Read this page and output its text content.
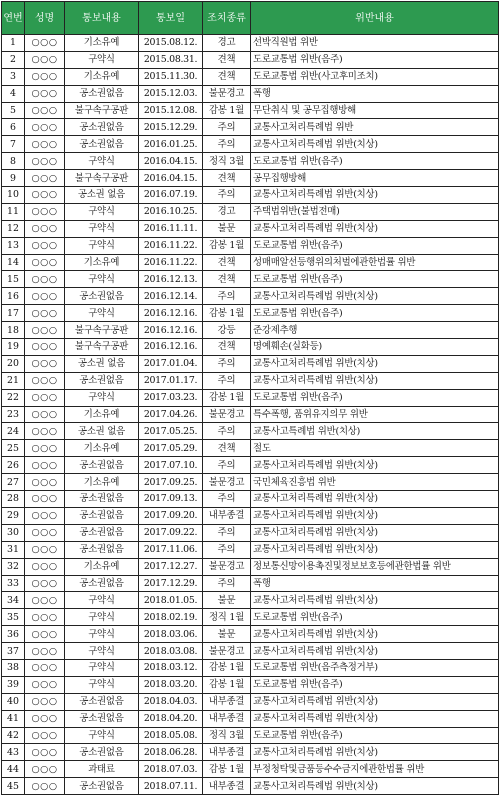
연번	성명	통보내용	통보일	조치종류	위반내용
1	○○○	기소유예	2015.08.12.	경고	선박직원법 위반
2	○○○	구약식	2015.08.31.	견책	도로교통법 위반(음주)
3	○○○	기소유예	2015.11.30.	견책	도로교통법 위반(사고후미조치)
4	○○○	공소권없음	2015.12.03.	불문경고	폭행
5	○○○	불구속구공판	2015.12.08.	감봉 1월	무단취식 및 공무집행방해
6	○○○	공소권없음	2015.12.29.	주의	교통사고처리특례법 위반
7	○○○	공소권없음	2016.01.25.	주의	교통사고처리특례법 위반(치상)
8	○○○	구약식	2016.04.15.	정직 3월	도로교통법 위반(음주)
9	○○○	불구속구공판	2016.04.15.	견책	공무집행방해
10	○○○	공소권 없음	2016.07.19.	주의	교통사고처리특례법 위반(치상)
11	○○○	구약식	2016.10.25.	경고	주택법위반(불법전매)
12	○○○	구약식	2016.11.11.	불문	교통사고처리특례법 위반(치상)
13	○○○	구약식	2016.11.22.	감봉 1월	도로교통법 위반(음주)
14	○○○	기소유예	2016.11.22.	견책	성매매알선등행위의처벌에관한법률 위반
15	○○○	구약식	2016.12.13.	견책	도로교통법 위반(음주)
16	○○○	공소권없음	2016.12.14.	주의	교통사고처리특례법 위반(치상)
17	○○○	구약식	2016.12.16.	감봉 1월	도로교통법 위반(음주)
18	○○○	불구속구공판	2016.12.16.	강등	준강제추행
19	○○○	불구속구공판	2016.12.16.	견책	명예훼손(실화등)
20	○○○	공소권 없음	2017.01.04.	주의	교통사고처리특례법 위반(치상)
21	○○○	공소권없음	2017.01.17.	주의	교통사고처리특례법 위반(치상)
22	○○○	구약식	2017.03.23.	감봉 1월	도로교통법 위반(음주)
23	○○○	기소유예	2017.04.26.	불문경고	특수폭행, 품위유지의무 위반
24	○○○	공소권 없음	2017.05.25.	주의	교통사고특례법 위반(치상)
25	○○○	기소유예	2017.05.29.	견책	절도
26	○○○	공소권없음	2017.07.10.	주의	교통사고처리특례법 위반(치상)
27	○○○	기소유예	2017.09.25.	불문경고	국민체육진흥법 위반
28	○○○	공소권없음	2017.09.13.	주의	교통사고처리특례법 위반(치상)
29	○○○	공소권없음	2017.09.20.	내부종결	교통사고처리특례법 위반(치상)
30	○○○	공소권없음	2017.09.22.	주의	교통사고처리특례법 위반(치상)
31	○○○	공소권없음	2017.11.06.	주의	교통사고처리특례법 위반(치상)
32	○○○	기소유예	2017.12.27.	불문경고	정보통신망이용촉진및정보보호등에관한법률 위반
33	○○○	공소권없음	2017.12.29.	주의	폭행
34	○○○	구약식	2018.01.05.	불문	교통사고처리특례법 위반(치상)
35	○○○	구약식	2018.02.19.	정직 1월	도로교통법 위반(음주)
36	○○○	구약식	2018.03.06.	불문	교통사고처리특례법 위반(치상)
37	○○○	구약식	2018.03.08.	불문경고	교통사고처리특례법 위반(치상)
38	○○○	구약식	2018.03.12.	감봉 1월	도로교통법 위반(음주측정거부)
39	○○○	구약식	2018.03.20.	감봉 1월	도로교통법 위반(음주)
40	○○○	공소권없음	2018.04.03.	내부종결	교통사고처리특례법 위반(치상)
41	○○○	공소권없음	2018.04.20.	내부종결	교통사고처리특례법 위반(치상)
42	○○○	구약식	2018.05.08.	정직 3월	도로교통법 위반(음주)
43	○○○	공소권없음	2018.06.28.	내부종결	교통사고처리특례법 위반(치상)
44	○○○	과태료	2018.07.03.	감봉 1월	부정청탁및금품등수수금지에관한법률 위반
45	○○○	공소권없음	2018.07.11.	내부종결	교통사고처리특례법 위반(치상)
